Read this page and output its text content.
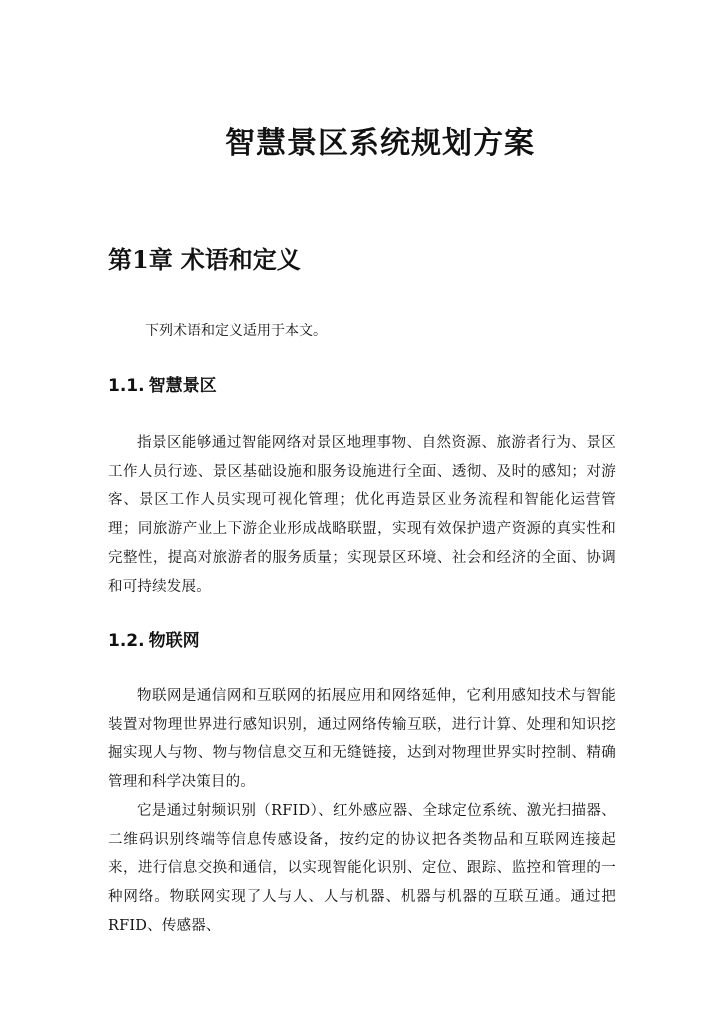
智慧景区系统规划方案
第1章 术语和定义

下列术语和定义适用于本文。

1.1. 智慧景区

指景区能够通过智能网络对景区地理事物、自然资源、旅游者行为、景区工作人员行迹、景区基础设施和服务设施进行全面、透彻、及时的感知；对游客、景区工作人员实现可视化管理；优化再造景区业务流程和智能化运营管理；同旅游产业上下游企业形成战略联盟，实现有效保护遗产资源的真实性和完整性，提高对旅游者的服务质量；实现景区环境、社会和经济的全面、协调和可持续发展。

1.2. 物联网

物联网是通信网和互联网的拓展应用和网络延伸，它利用感知技术与智能装置对物理世界进行感知识别，通过网络传输互联，进行计算、处理和知识挖掘实现人与物、物与物信息交互和无缝链接，达到对物理世界实时控制、精确管理和科学决策目的。

它是通过射频识别（RFID）、红外感应器、全球定位系统、激光扫描器、二维码识别终端等信息传感设备，按约定的协议把各类物品和互联网连接起来，进行信息交换和通信，以实现智能化识别、定位、跟踪、监控和管理的一种网络。物联网实现了人与人、人与机器、机器与机器的互联互通。通过把RFID、传感器、
